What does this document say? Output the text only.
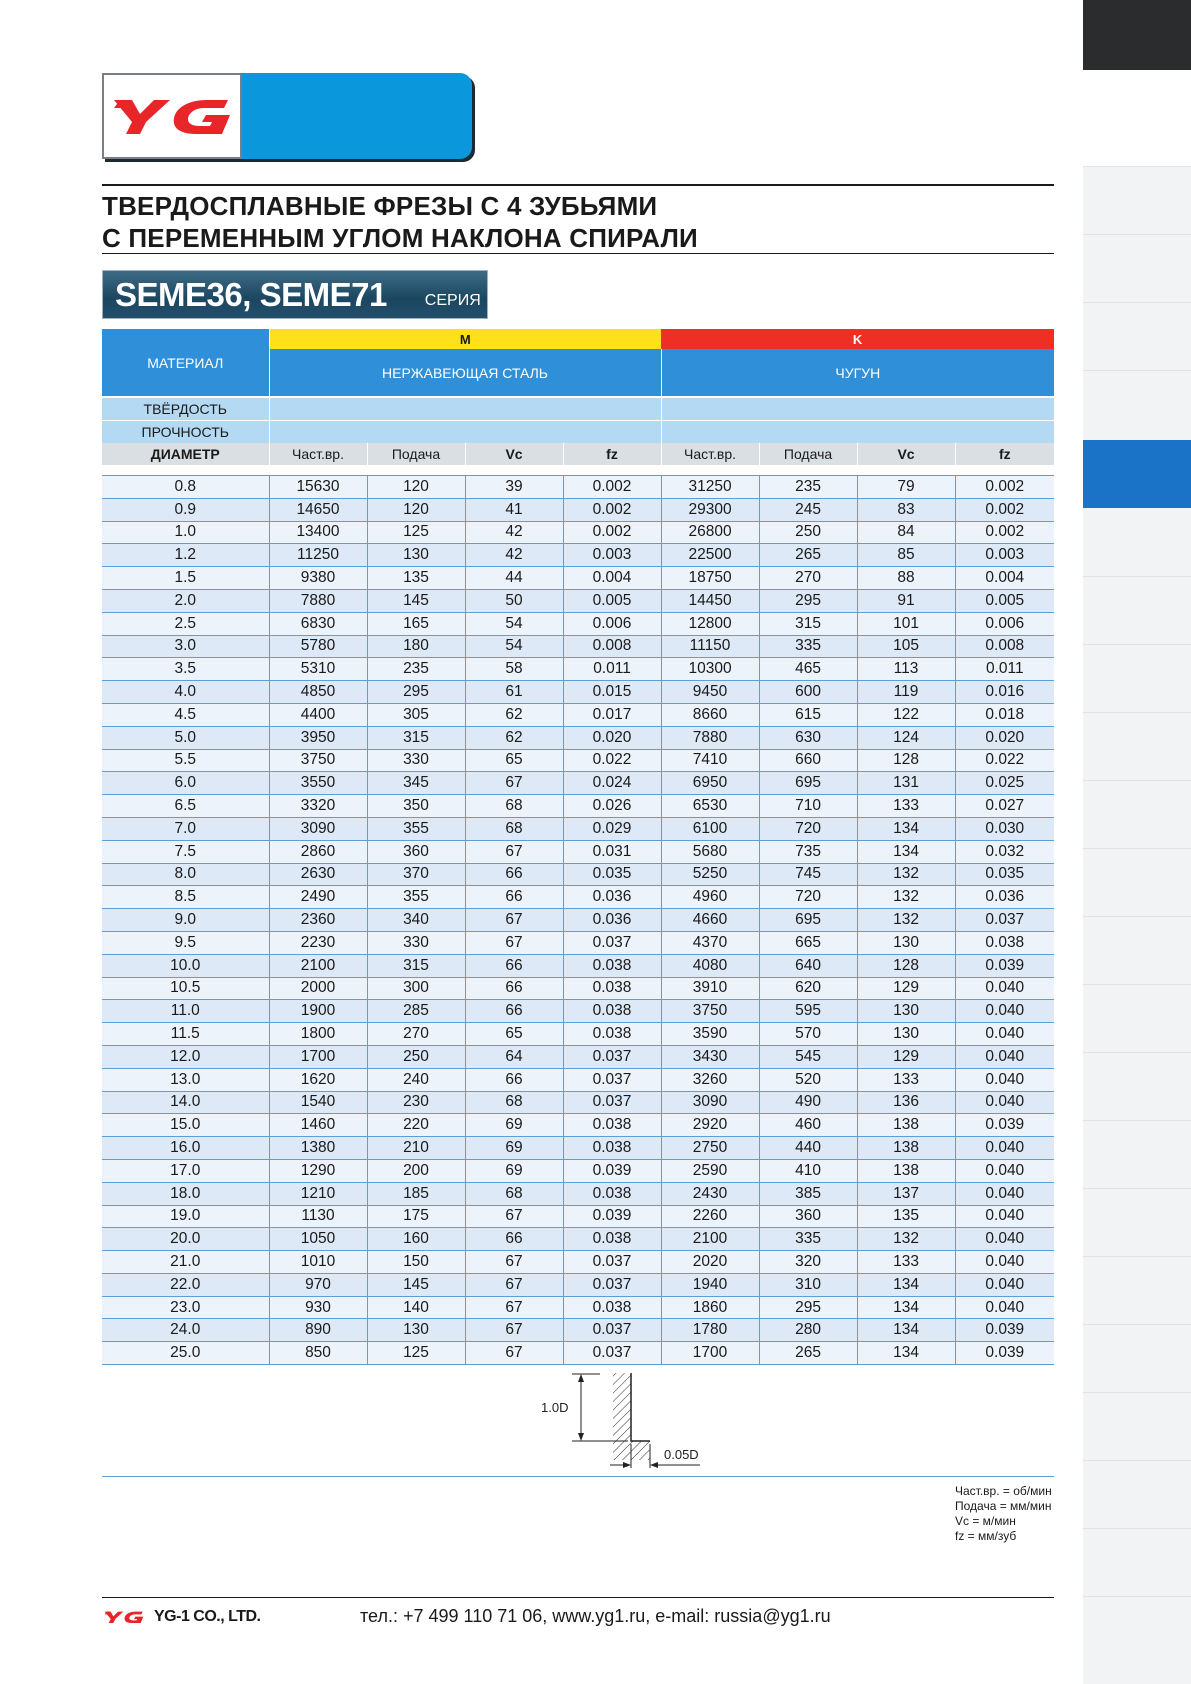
ТВЕРДОСПЛАВНЫЕ ФРЕЗЫ С 4 ЗУБЬЯМИ
С ПЕРЕМЕННЫМ УГЛОМ НАКЛОНА СПИРАЛИ
SEME36, SEME71 СЕРИЯ
МАТЕРИАЛ	M				K			
	НЕРЖАВЕЮЩАЯ СТАЛЬ				ЧУГУН			
ТВЁРДОСТЬ								
ПРОЧНОСТЬ								
ДИАМЕТР	Част.вр.	Подача	Vc	fz	Част.вр.	Подача	Vc	fz

0.8	15630	120	39	0.002	31250	235	79	0.002
0.9	14650	120	41	0.002	29300	245	83	0.002
1.0	13400	125	42	0.002	26800	250	84	0.002
1.2	11250	130	42	0.003	22500	265	85	0.003
1.5	9380	135	44	0.004	18750	270	88	0.004
2.0	7880	145	50	0.005	14450	295	91	0.005
2.5	6830	165	54	0.006	12800	315	101	0.006
3.0	5780	180	54	0.008	11150	335	105	0.008
3.5	5310	235	58	0.011	10300	465	113	0.011
4.0	4850	295	61	0.015	9450	600	119	0.016
4.5	4400	305	62	0.017	8660	615	122	0.018
5.0	3950	315	62	0.020	7880	630	124	0.020
5.5	3750	330	65	0.022	7410	660	128	0.022
6.0	3550	345	67	0.024	6950	695	131	0.025
6.5	3320	350	68	0.026	6530	710	133	0.027
7.0	3090	355	68	0.029	6100	720	134	0.030
7.5	2860	360	67	0.031	5680	735	134	0.032
8.0	2630	370	66	0.035	5250	745	132	0.035
8.5	2490	355	66	0.036	4960	720	132	0.036
9.0	2360	340	67	0.036	4660	695	132	0.037
9.5	2230	330	67	0.037	4370	665	130	0.038
10.0	2100	315	66	0.038	4080	640	128	0.039
10.5	2000	300	66	0.038	3910	620	129	0.040
11.0	1900	285	66	0.038	3750	595	130	0.040
11.5	1800	270	65	0.038	3590	570	130	0.040
12.0	1700	250	64	0.037	3430	545	129	0.040
13.0	1620	240	66	0.037	3260	520	133	0.040
14.0	1540	230	68	0.037	3090	490	136	0.040
15.0	1460	220	69	0.038	2920	460	138	0.039
16.0	1380	210	69	0.038	2750	440	138	0.040
17.0	1290	200	69	0.039	2590	410	138	0.040
18.0	1210	185	68	0.038	2430	385	137	0.040
19.0	1130	175	67	0.039	2260	360	135	0.040
20.0	1050	160	66	0.038	2100	335	132	0.040
21.0	1010	150	67	0.037	2020	320	133	0.040
22.0	970	145	67	0.037	1940	310	134	0.040
23.0	930	140	67	0.038	1860	295	134	0.040
24.0	890	130	67	0.037	1780	280	134	0.039
25.0	850	125	67	0.037	1700	265	134	0.039
1.0D
0.05D
Част.вр. = об/мин
Подача = мм/мин
Vc = м/мин
fz = мм/зуб
YG-1 CO., LTD.	тел.: +7 499 110 71 06, www.yg1.ru, e-mail: russia@yg1.ru
